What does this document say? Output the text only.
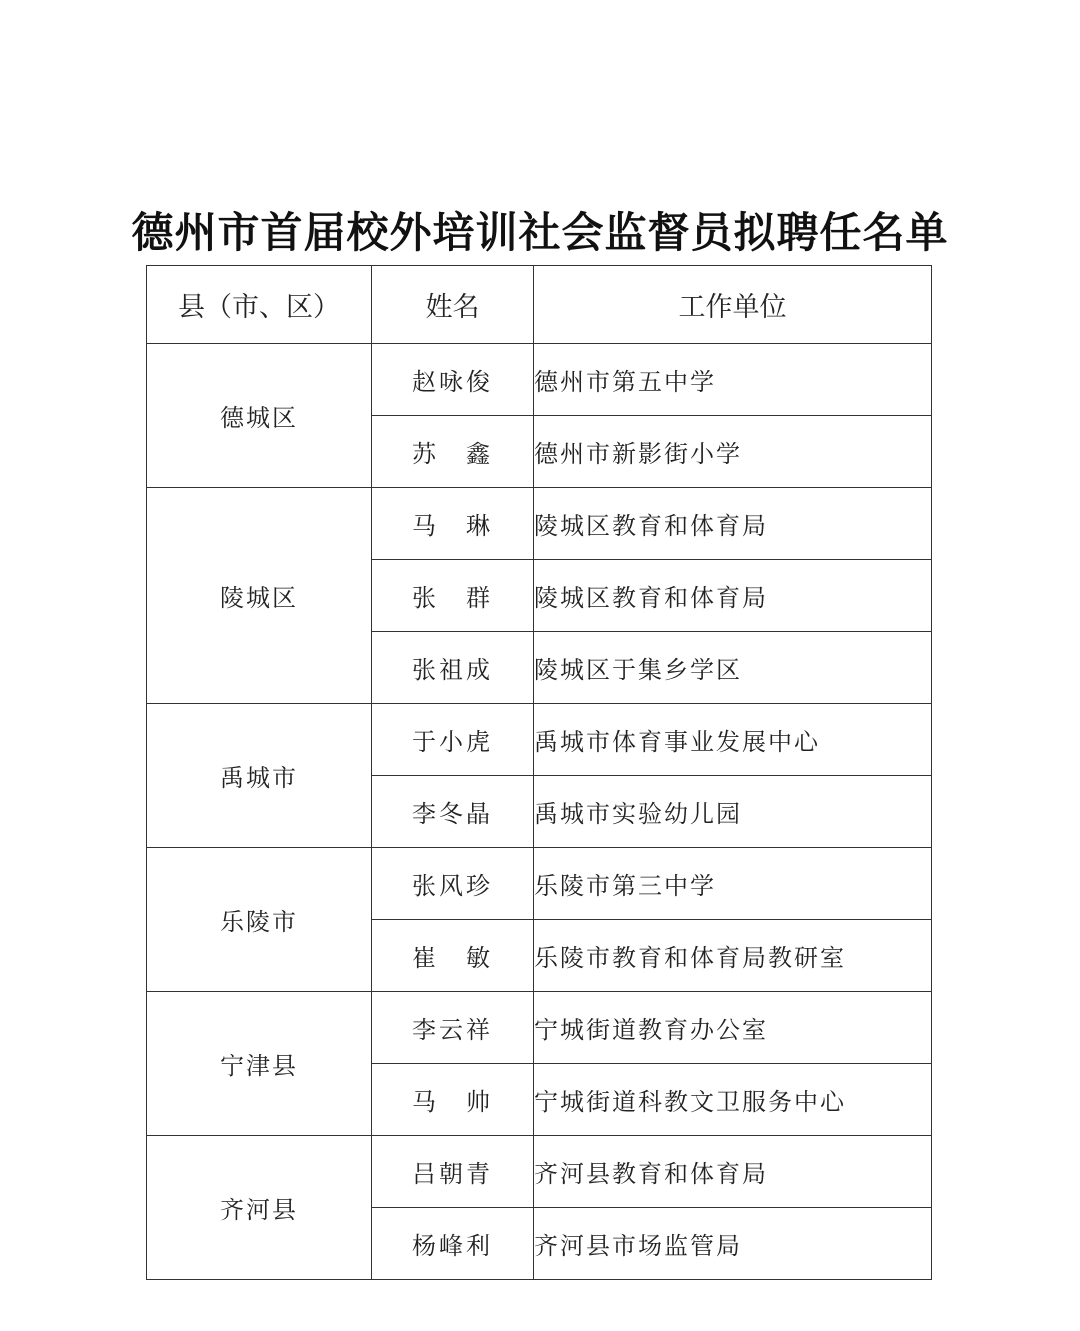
德州市首届校外培训社会监督员拟聘任名单
县（市、区）	姓名	工作单位
德城区	赵咏俊	德州市第五中学
	苏　鑫	德州市新影街小学
陵城区	马　琳	陵城区教育和体育局
	张　群	陵城区教育和体育局
	张祖成	陵城区于集乡学区
禹城市	于小虎	禹城市体育事业发展中心
	李冬晶	禹城市实验幼儿园
乐陵市	张风珍	乐陵市第三中学
	崔　敏	乐陵市教育和体育局教研室
宁津县	李云祥	宁城街道教育办公室
	马　帅	宁城街道科教文卫服务中心
齐河县	吕朝青	齐河县教育和体育局
	杨峰利	齐河县市场监管局
